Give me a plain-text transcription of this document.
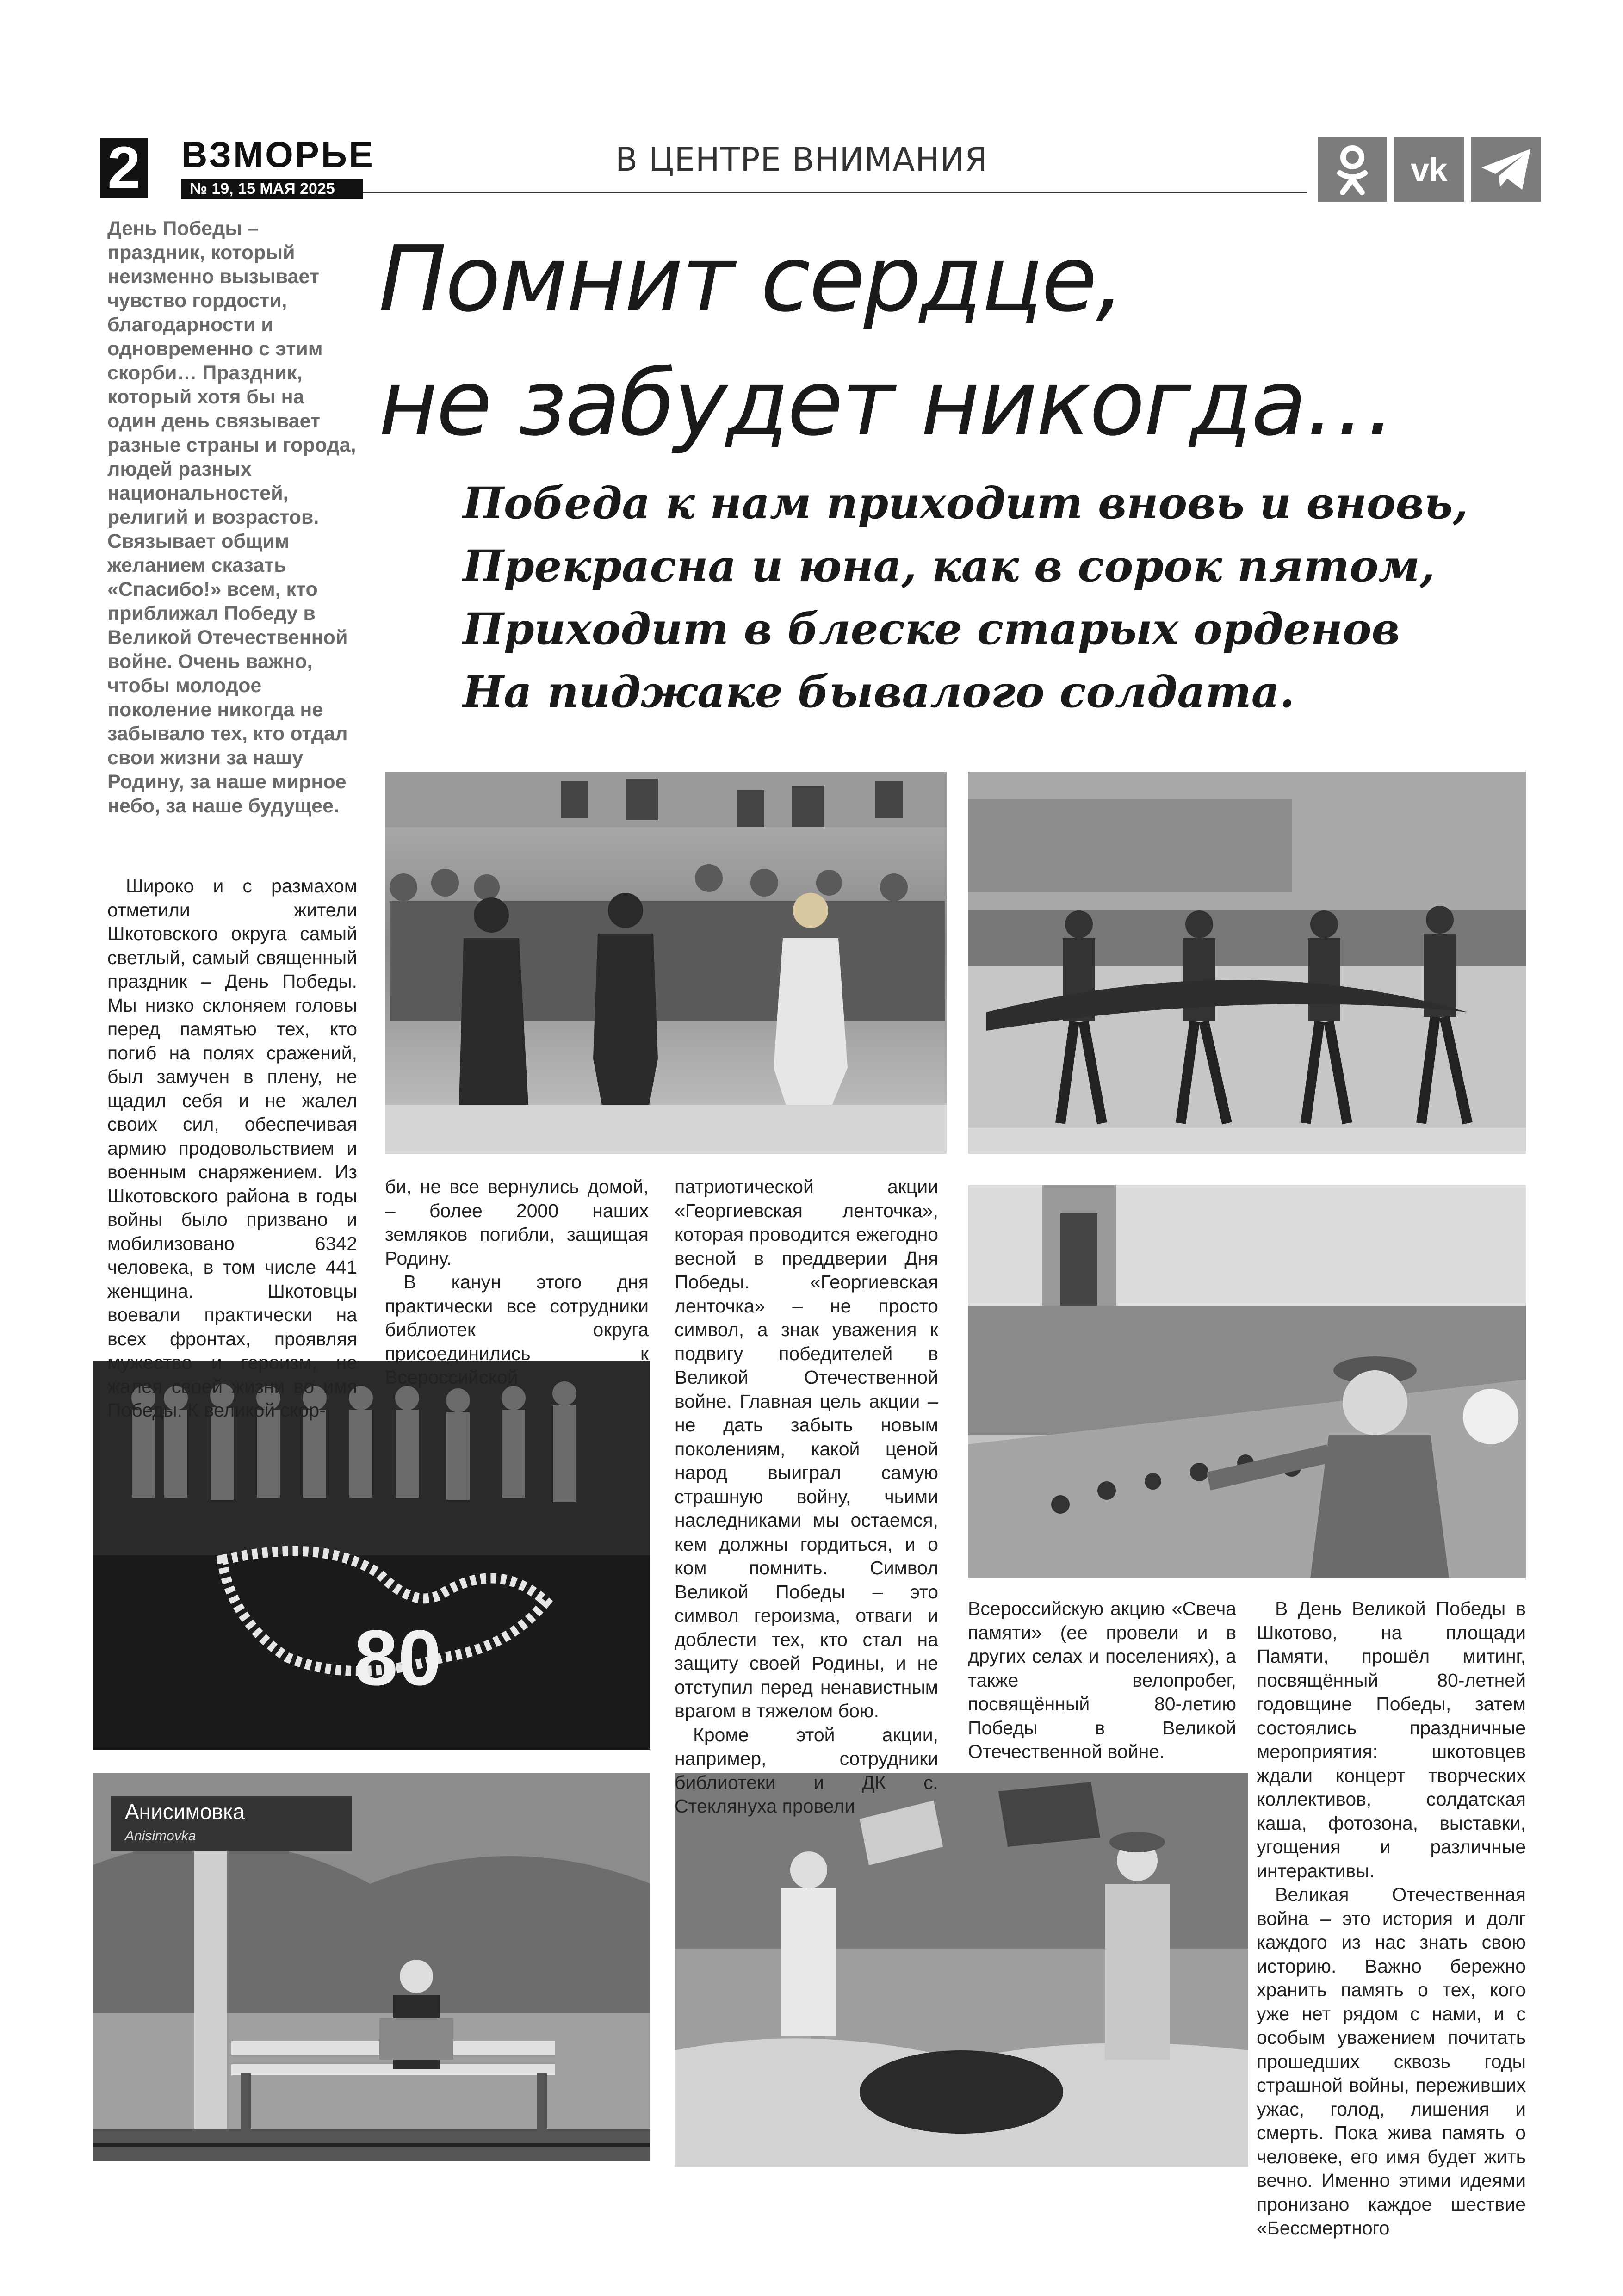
2 ВЗМОРЬЕ
№ 19, 15 МАЯ 2025
В ЦЕНТРЕ ВНИМАНИЯ	vk
День Победы – праздник, который неизменно вызывает чувство гордости, благодарности и одновременно с этим скорби… Праздник, который хотя бы на один день связывает разные страны и города, людей разных национальностей, религий и возрастов. Связывает общим желанием сказать «Спасибо!» всем, кто приближал Победу в Великой Отечественной войне. Очень важно, чтобы молодое поколение никогда не забывало тех, кто отдал свои жизни за нашу Родину, за наше мирное небо, за наше будущее.
Помнит сердце,
не забудет никогда…
Победа к нам приходит вновь и вновь,
Прекрасна и юна, как в сорок пятом,
Приходит в блеске старых орденов
На пиджаке бывалого солдата.
80
Анисимовка
Anisimovka

Широко и с размахом отметили жители Шкотовского округа самый светлый, самый священный праздник – День Победы. Мы низко склоняем головы перед памятью тех, кто погиб на полях сражений, был замучен в плену, не щадил себя и не жалел своих сил, обеспечивая армию продовольствием и военным снаряжением. Из Шкотовского района в годы войны было призвано и мобилизовано 6342 человека, в том числе 441 женщина. Шкотовцы воевали практически на всех фронтах, проявляя мужество и героизм, не жалея своей жизни во имя Победы. К великой скор-

би, не все вернулись домой, – более 2000 наших земляков погибли, защищая Родину.

В канун этого дня практически все сотрудники библиотек округа присоединились к Всероссийской

патриотической акции «Георгиевская ленточка», которая проводится ежегодно весной в преддверии Дня Победы. «Георгиевская ленточка» – не просто символ, а знак уважения к подвигу победителей в Великой Отечественной войне. Главная цель акции – не дать забыть новым поколениям, какой ценой народ выиграл самую страшную войну, чьими наследниками мы остаемся, кем должны гордиться, и о ком помнить. Символ Великой Победы – это символ героизма, отваги и доблести тех, кто стал на защиту своей Родины, и не отступил перед ненавистным врагом в тяжелом бою.

Кроме этой акции, например, сотрудники библиотеки и ДК с. Стеклянуха провели

Всероссийскую акцию «Свеча памяти» (ее провели и в других селах и поселениях), а также велопробег, посвящённый 80-летию Победы в Великой Отечественной войне.

В День Великой Победы в Шкотово, на площади Памяти, прошёл митинг, посвящённый 80-летней годовщине Победы, затем состоялись праздничные мероприятия: шкотовцев ждали концерт творческих коллективов, солдатская каша, фотозона, выставки, угощения и различные интерактивы.

Великая Отечественная война – это история и долг каждого из нас знать свою историю. Важно бережно хранить память о тех, кого уже нет рядом с нами, и с особым уважением почитать прошедших сквозь годы страшной войны, переживших ужас, голод, лишения и смерть. Пока жива память о человеке, его имя будет жить вечно. Именно этими идеями пронизано каждое шествие «Бессмертного
